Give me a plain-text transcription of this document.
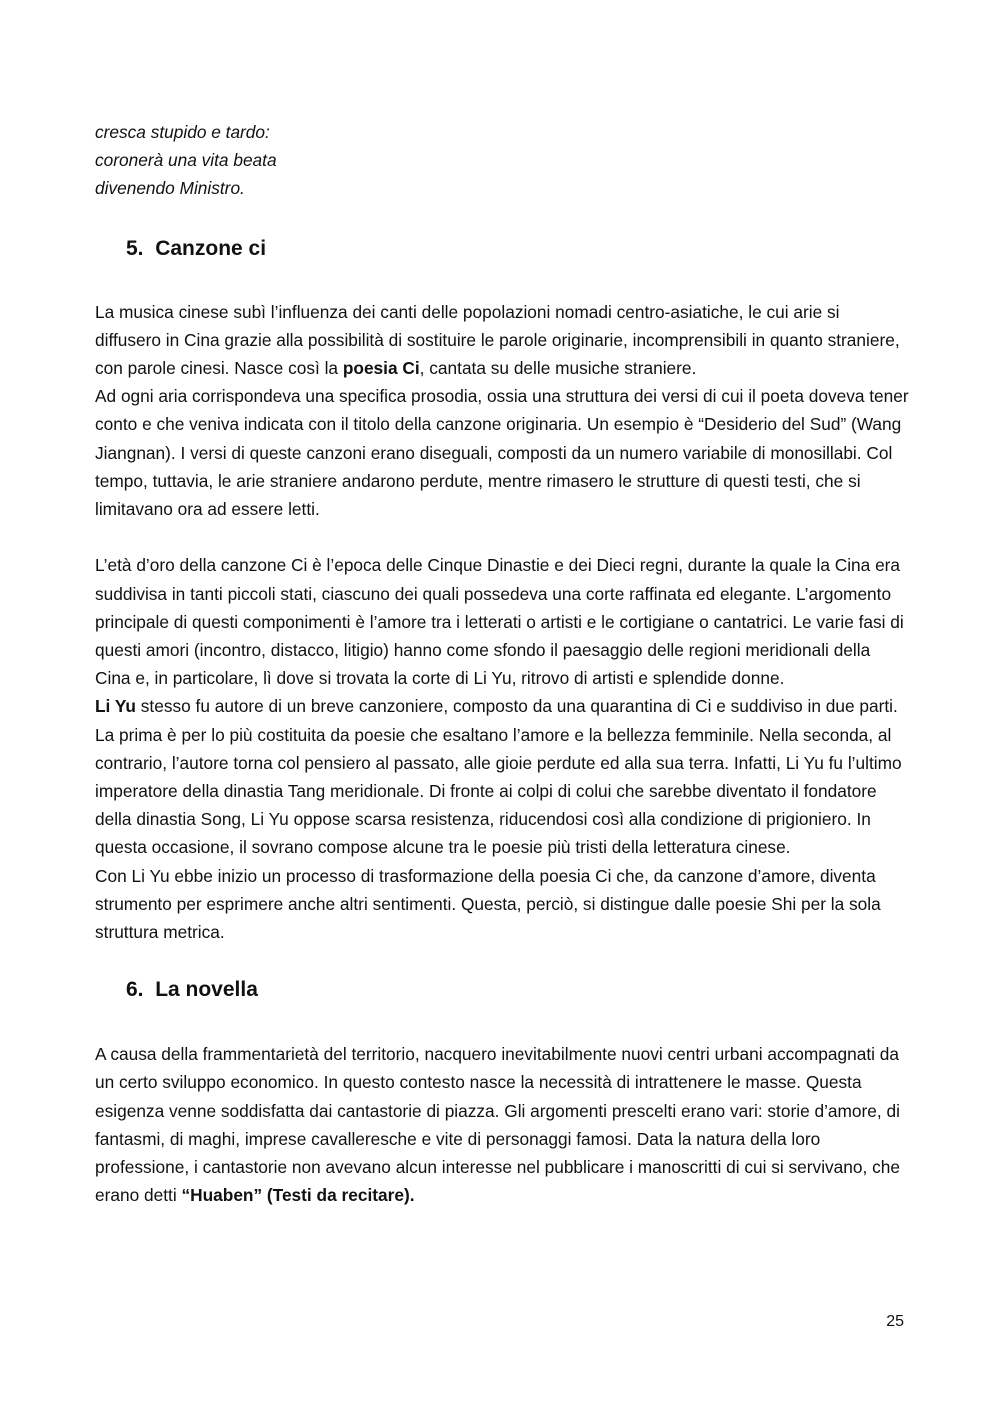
cresca stupido e tardo:
coronerà una vita beata
divenendo Ministro.

5. Canzone ci

La musica cinese subì l’influenza dei canti delle popolazioni nomadi centro-asiatiche, le cui arie si diffusero in Cina grazie alla possibilità di sostituire le parole originarie, incomprensibili in quanto straniere, con parole cinesi. Nasce così la poesia Ci, cantata su delle musiche straniere.

Ad ogni aria corrispondeva una specifica prosodia, ossia una struttura dei versi di cui il poeta doveva tener conto e che veniva indicata con il titolo della canzone originaria. Un esempio è “Desiderio del Sud” (Wang Jiangnan). I versi di queste canzoni erano diseguali, composti da un numero variabile di monosillabi. Col tempo, tuttavia, le arie straniere andarono perdute, mentre rimasero le strutture di questi testi, che si limitavano ora ad essere letti.

L’età d’oro della canzone Ci è l’epoca delle Cinque Dinastie e dei Dieci regni, durante la quale la Cina era suddivisa in tanti piccoli stati, ciascuno dei quali possedeva una corte raffinata ed elegante. L’argomento principale di questi componimenti è l’amore tra i letterati o artisti e le cortigiane o cantatrici. Le varie fasi di questi amori (incontro, distacco, litigio) hanno come sfondo il paesaggio delle regioni meridionali della Cina e, in particolare, lì dove si trovata la corte di Li Yu, ritrovo di artisti e splendide donne.

Li Yu stesso fu autore di un breve canzoniere, composto da una quarantina di Ci e suddiviso in due parti. La prima è per lo più costituita da poesie che esaltano l’amore e la bellezza femminile. Nella seconda, al contrario, l’autore torna col pensiero al passato, alle gioie perdute ed alla sua terra. Infatti, Li Yu fu l’ultimo imperatore della dinastia Tang meridionale. Di fronte ai colpi di colui che sarebbe diventato il fondatore della dinastia Song, Li Yu oppose scarsa resistenza, riducendosi così alla condizione di prigioniero. In questa occasione, il sovrano compose alcune tra le poesie più tristi della letteratura cinese.

Con Li Yu ebbe inizio un processo di trasformazione della poesia Ci che, da canzone d’amore, diventa strumento per esprimere anche altri sentimenti. Questa, perciò, si distingue dalle poesie Shi per la sola struttura metrica.

6. La novella

A causa della frammentarietà del territorio, nacquero inevitabilmente nuovi centri urbani accompagnati da un certo sviluppo economico. In questo contesto nasce la necessità di intrattenere le masse. Questa esigenza venne soddisfatta dai cantastorie di piazza. Gli argomenti prescelti erano vari: storie d’amore, di fantasmi, di maghi, imprese cavalleresche e vite di personaggi famosi. Data la natura della loro professione, i cantastorie non avevano alcun interesse nel pubblicare i manoscritti di cui si servivano, che erano detti “Huaben” (Testi da recitare).

25
